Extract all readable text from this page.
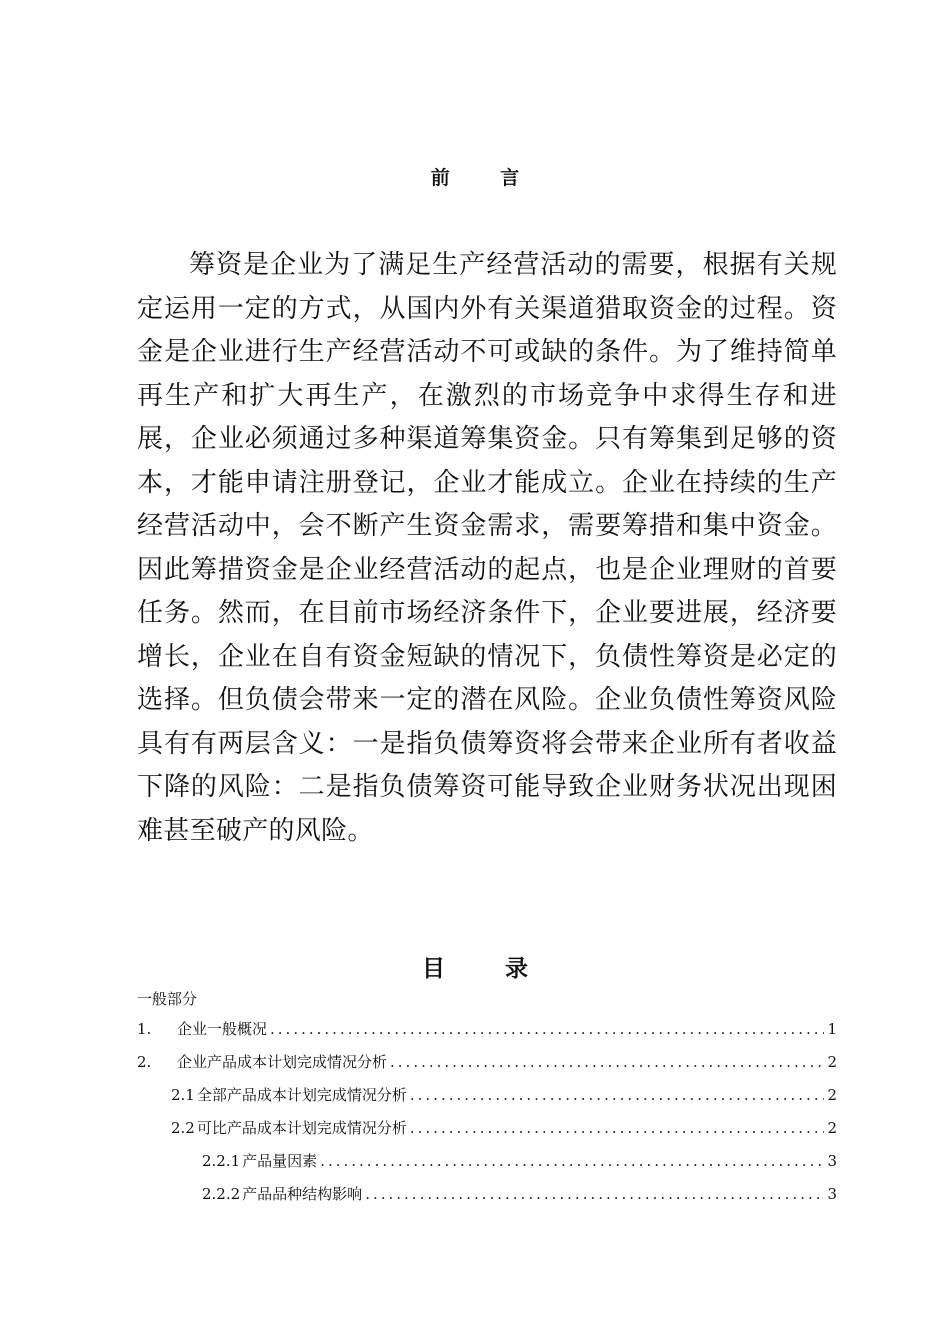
前 言

筹资是企业为了满足生产经营活动的需要，根据有关规定运用一定的方式，从国内外有关渠道猎取资金的过程。资金是企业进行生产经营活动不可或缺的条件。为了维持简单再生产和扩大再生产，在激烈的市场竞争中求得生存和进展，企业必须通过多种渠道筹集资金。只有筹集到足够的资本，才能申请注册登记，企业才能成立。企业在持续的生产经营活动中，会不断产生资金需求，需要筹措和集中资金。因此筹措资金是企业经营活动的起点，也是企业理财的首要任务。然而，在目前市场经济条件下，企业要进展，经济要增长，企业在自有资金短缺的情况下，负债性筹资是必定的选择。但负债会带来一定的潜在风险。企业负债性筹资风险具有有两层含义：一是指负债筹资将会带来企业所有者收益下降的风险：二是指负债筹资可能导致企业财务状况出现困难甚至破产的风险。

目 录
一般部分
1.	企业一般概况 .....	1
2.	企业产品成本计划完成情况分析 .....	2
2.1 全部产品成本计划完成情况分析 .....	2
2.2 可比产品成本计划完成情况分析 .....	2
2.2.1 产品量因素 .....	3
2.2.2 产品品种结构影响 .....	3
